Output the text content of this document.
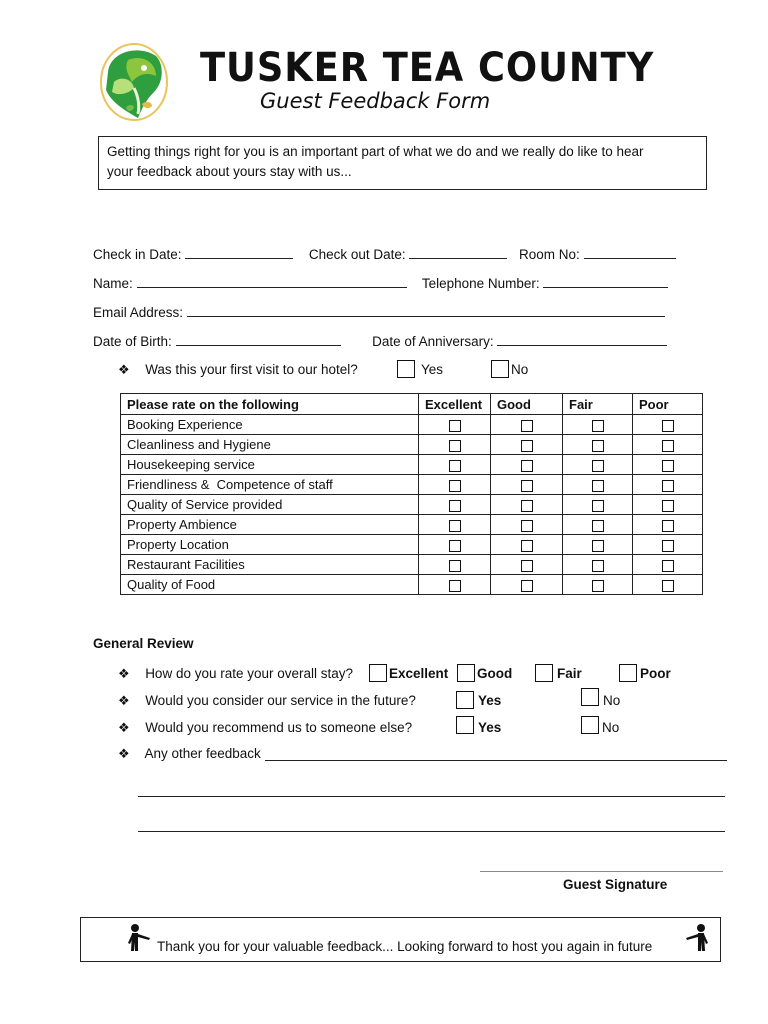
TUSKER TEA COUNTY
Guest Feedback Form
Getting things right for you is an important part of what we do and we really do like to hear
your feedback about yours stay with us...
Check in Date:	Check out Date:	Room No:
Name:	Telephone Number:
Email Address:
Date of Birth:	Date of Anniversary:
❖ Was this your first visit to our hotel?	Yes	No
Please rate on the following	Excellent	Good	Fair	Poor
Booking Experience				
Cleanliness and Hygiene				
Housekeeping service				
Friendliness &  Competence of staff				
Quality of Service provided				
Property Ambience				
Property Location				
Restaurant Facilities				
Quality of Food				
General Review
❖ How do you rate your overall stay?	Excellent Good	Fair	Poor
❖ Would you consider our service in the future?	Yes	No
❖ Would you recommend us to someone else?	Yes	No
❖ Any other feedback
Guest Signature
Thank you for your valuable feedback... Looking forward to host you again in future
